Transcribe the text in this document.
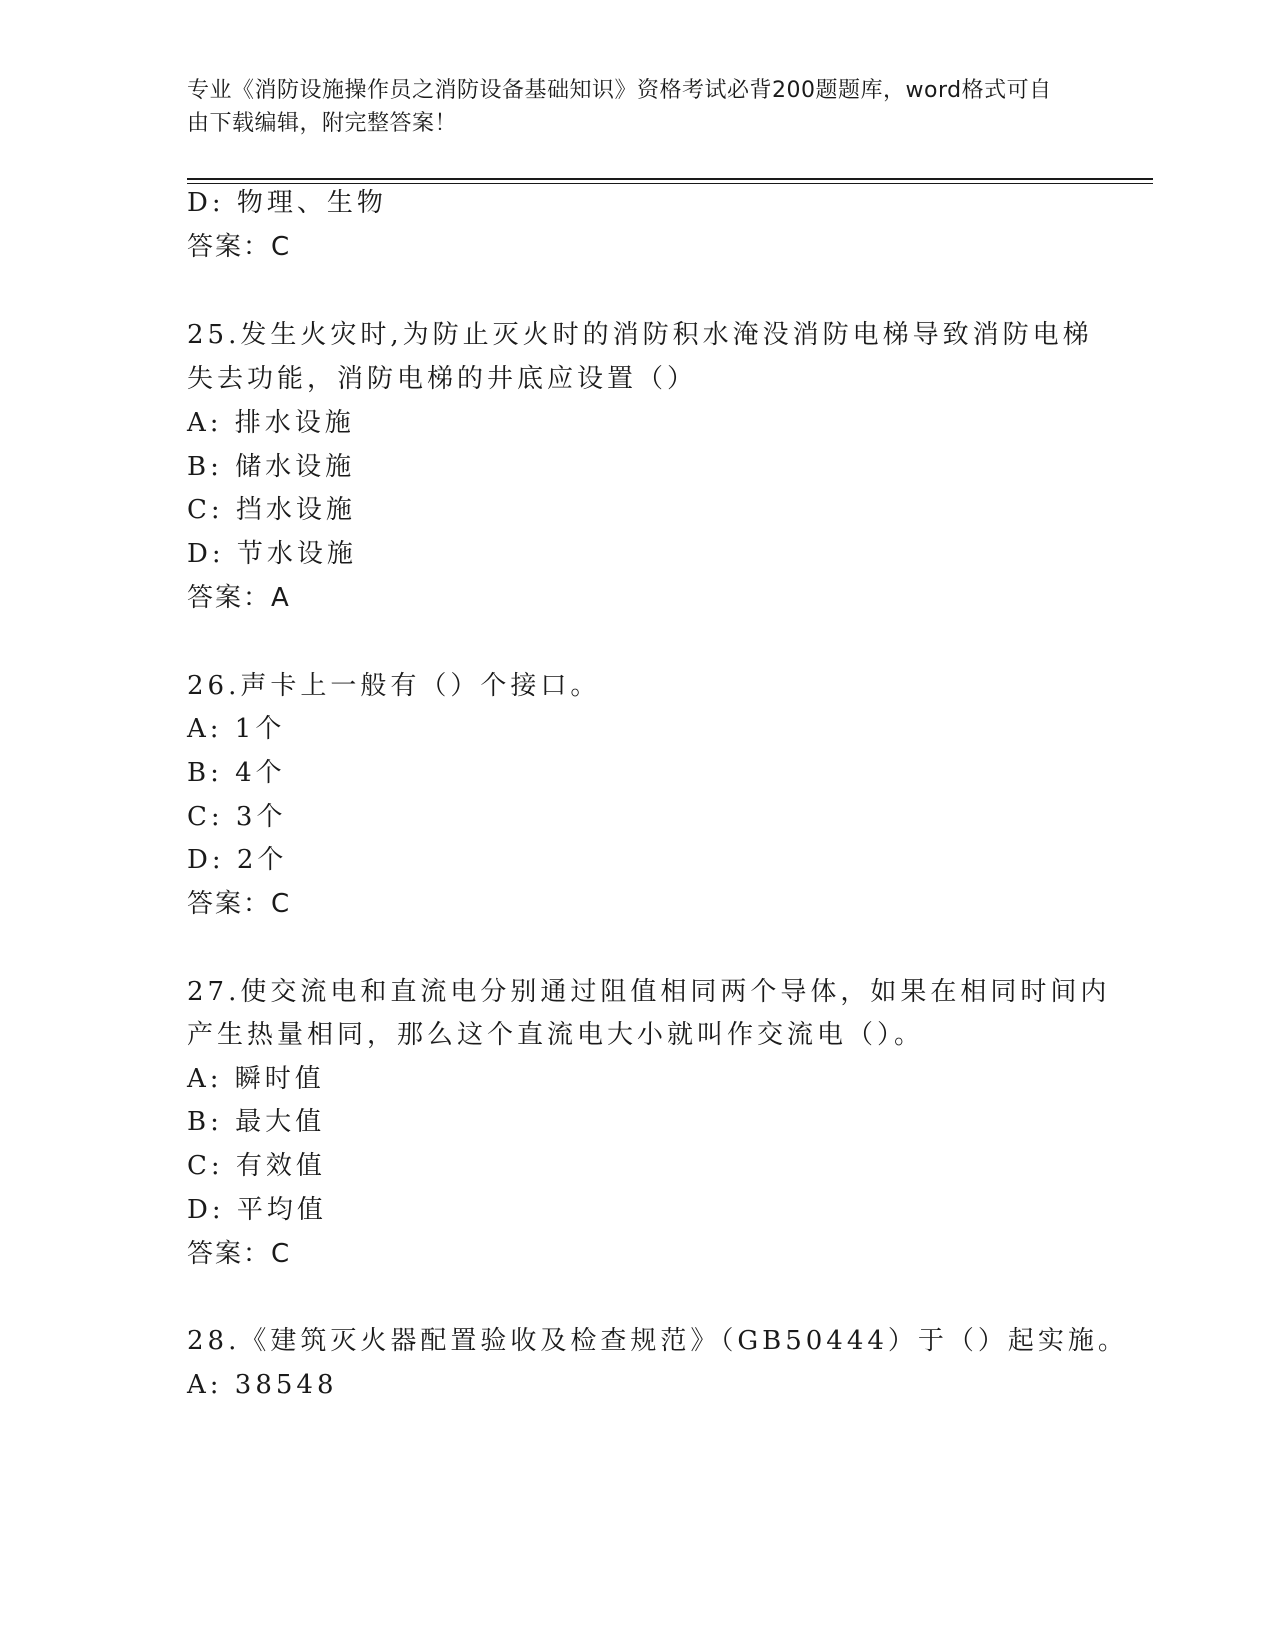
专业《消防设施操作员之消防设备基础知识》资格考试必背200题题库，word格式可自由下载编辑，附完整答案！
D: 物理、生物
答案：C
25.发生火灾时,为防止灭火时的消防积水淹没消防电梯导致消防电梯
失去功能，消防电梯的井底应设置（）
A: 排水设施
B: 储水设施
C: 挡水设施
D: 节水设施
答案：A
26.声卡上一般有（）个接口。
A: 1个
B: 4个
C: 3个
D: 2个
答案：C
27.使交流电和直流电分别通过阻值相同两个导体，如果在相同时间内
产生热量相同，那么这个直流电大小就叫作交流电（）。
A: 瞬时值
B: 最大值
C: 有效值
D: 平均值
答案：C
28.《建筑灭火器配置验收及检查规范》（GB50444）于（）起实施。
A: 38548
